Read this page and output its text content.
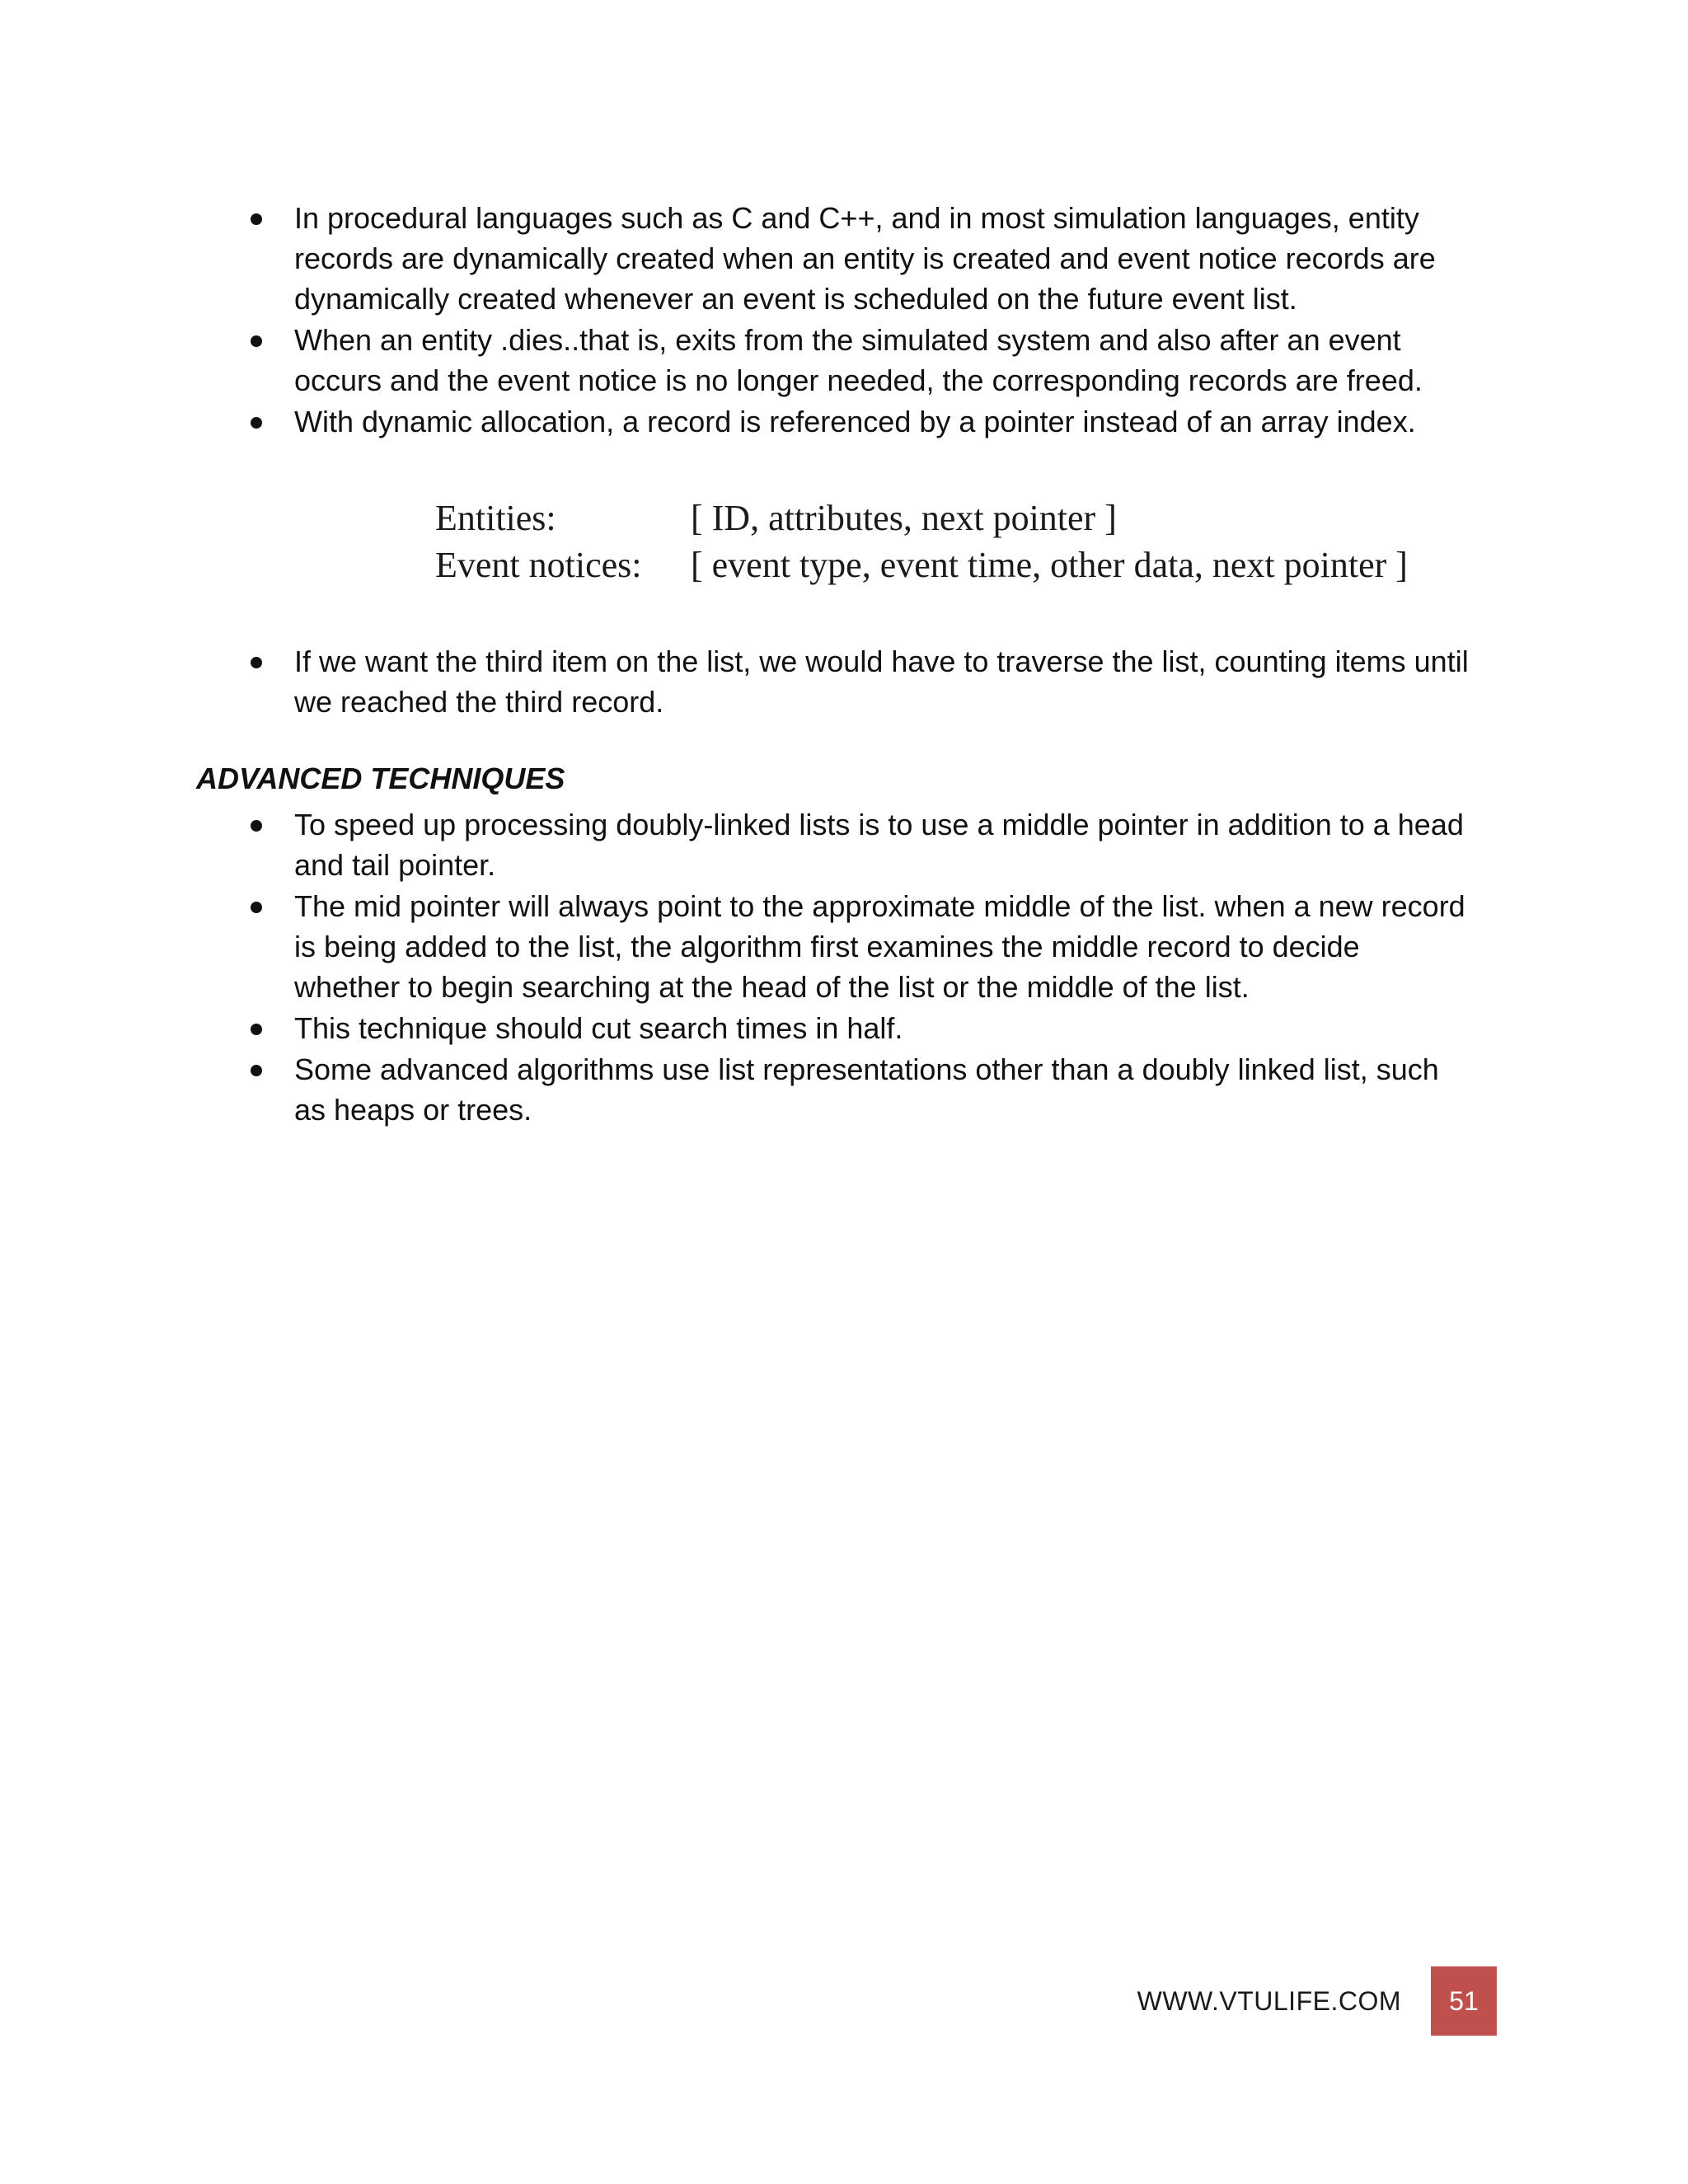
In procedural languages such as C and C++, and in most simulation languages, entity records are dynamically created when an entity is created and event notice records are dynamically created whenever an event is scheduled on the future event list.
When an entity .dies..that is, exits from the simulated system and also after an event occurs and the event notice is no longer needed, the corresponding records are freed.
With dynamic allocation, a record is referenced by a pointer instead of an array index.
Entities:	[ ID, attributes, next pointer ]
Event notices:	[ event type, event time, other data, next pointer ]
If we want the third item on the list, we would have to traverse the list, counting items until we reached the third record.
ADVANCED TECHNIQUES
To speed up processing doubly-linked lists is to use a middle pointer in addition to a head and tail pointer.
The mid pointer will always point to the approximate middle of the list. when a new record is being added to the list, the algorithm first examines the middle record to decide whether to begin searching at the head of the list or the middle of the list.
This technique should cut search times in half.
Some advanced algorithms use list representations other than a doubly linked list, such as heaps or trees.
WWW.VTULIFE.COM	51
